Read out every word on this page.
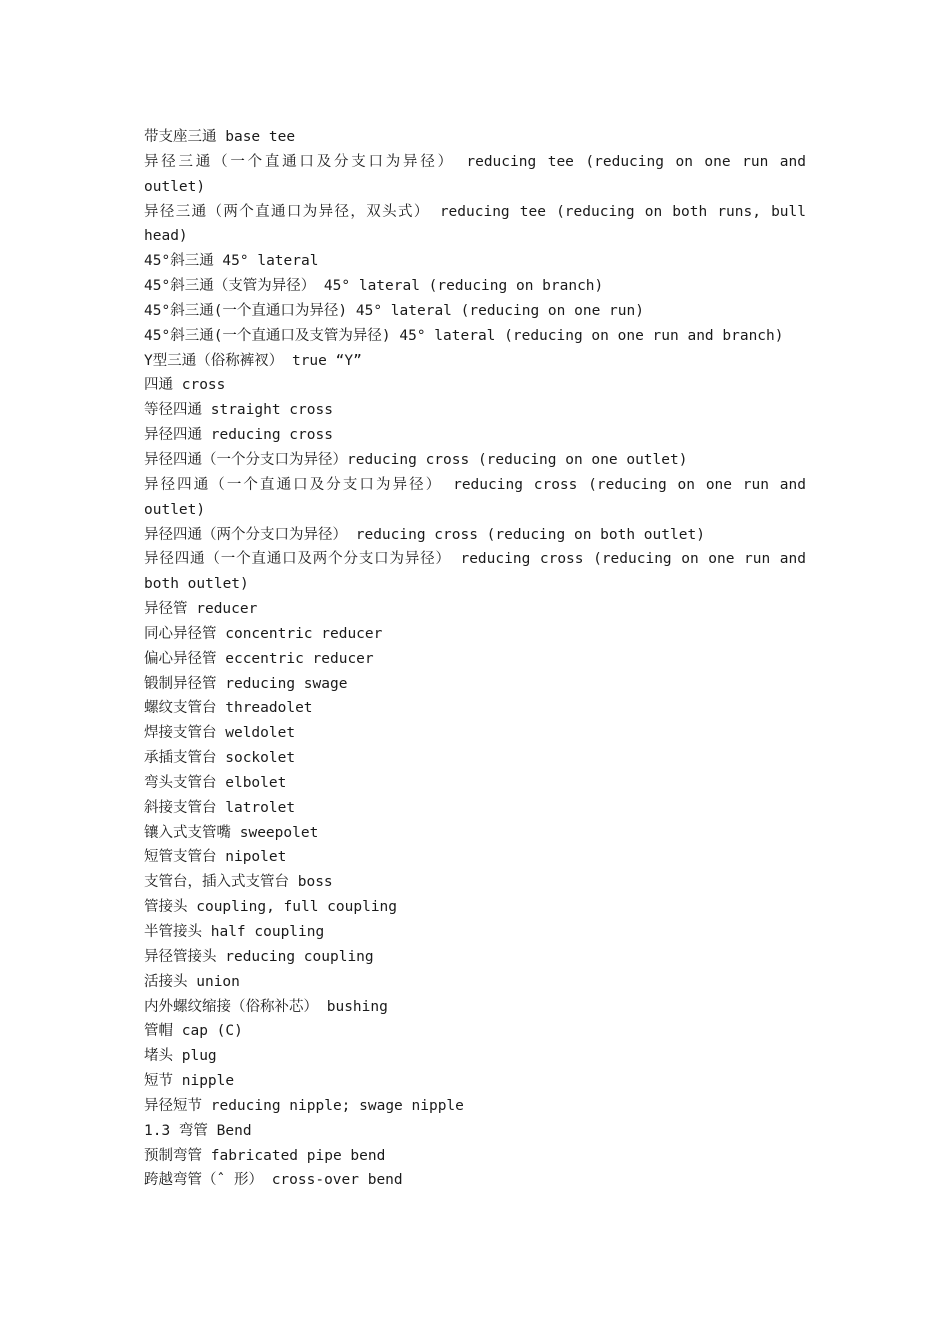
带支座三通 base tee

异径三通（一个直通口及分支口为异径） reducing tee (reducing on one run and outlet)

异径三通（两个直通口为异径，双头式） reducing tee (reducing on both runs, bull head)

45°斜三通 45° lateral

45°斜三通（支管为异径） 45° lateral (reducing on branch)

45°斜三通(一个直通口为异径) 45° lateral (reducing on one run)

45°斜三通(一个直通口及支管为异径) 45° lateral (reducing on one run and branch)

Y型三通（俗称裤衩） true “Y”

四通 cross

等径四通 straight cross

异径四通 reducing cross

异径四通（一个分支口为异径）reducing cross (reducing on one outlet)

异径四通（一个直通口及分支口为异径） reducing cross (reducing on one run and outlet)

异径四通（两个分支口为异径） reducing cross (reducing on both outlet)

异径四通（一个直通口及两个分支口为异径） reducing cross (reducing on one run and both outlet)

异径管 reducer

同心异径管 concentric reducer

偏心异径管 eccentric reducer

锻制异径管 reducing swage

螺纹支管台 threadolet

焊接支管台 weldolet

承插支管台 sockolet

弯头支管台 elbolet

斜接支管台 latrolet

镶入式支管嘴 sweepolet

短管支管台 nipolet

支管台，插入式支管台 boss

管接头 coupling, full coupling

半管接头 half coupling

异径管接头 reducing coupling

活接头 union

内外螺纹缩接（俗称补芯） bushing

管帽 cap (C)

堵头 plug

短节 nipple

异径短节 reducing nipple; swage nipple

1.3 弯管 Bend

预制弯管 fabricated pipe bend

跨越弯管（ˆ 形） cross-over bend
